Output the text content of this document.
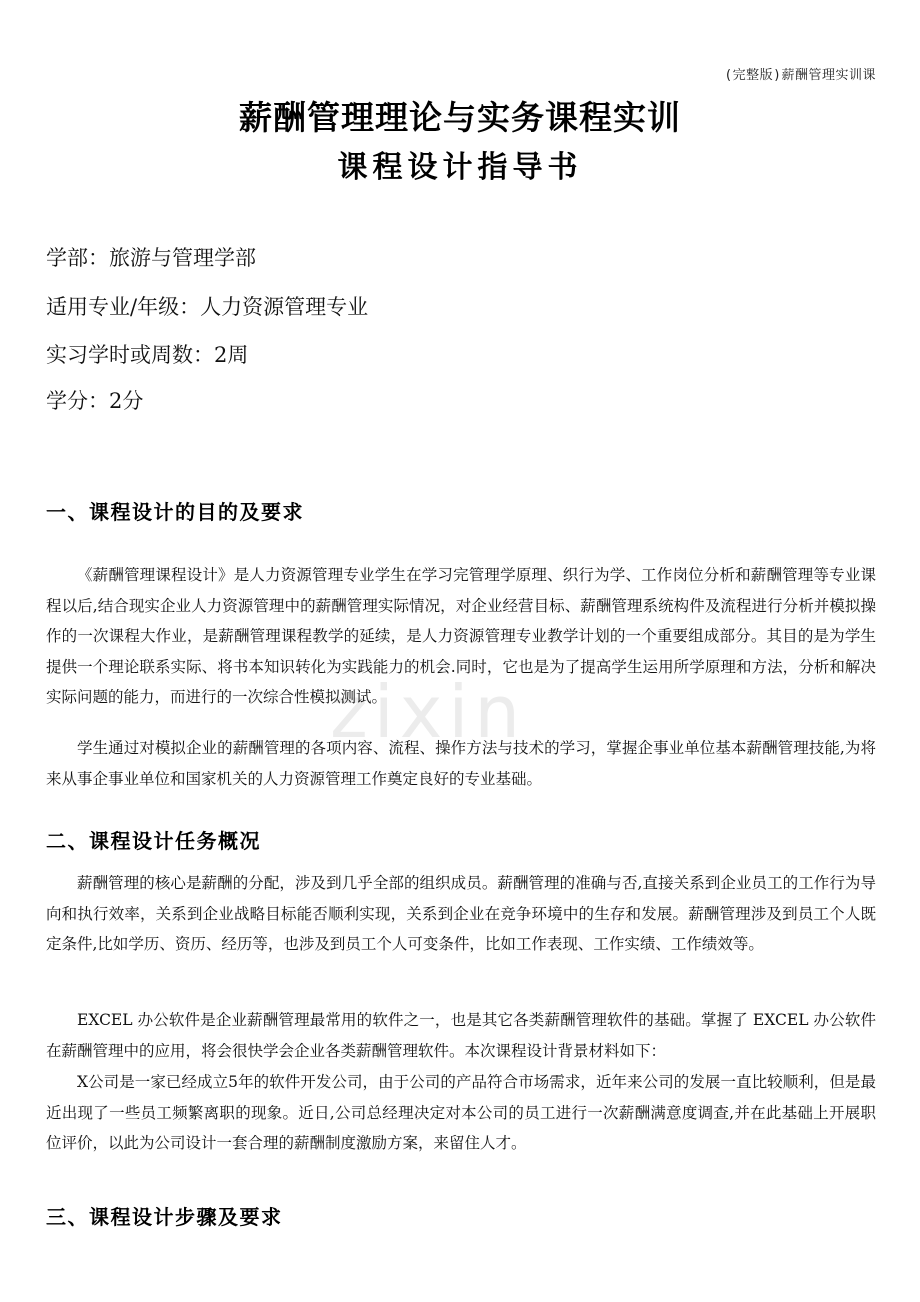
zixin
(完整版)薪酬管理实训课
薪酬管理理论与实务课程实训
课程设计指导书
学部：旅游与管理学部
适用专业/年级：人力资源管理专业
实习学时或周数：2周
学分：2分
一、课程设计的目的及要求
《薪酬管理课程设计》是人力资源管理专业学生在学习完管理学原理、织行为学、工作岗位分析和薪酬管理等专业课程以后,结合现实企业人力资源管理中的薪酬管理实际情况，对企业经营目标、薪酬管理系统构件及流程进行分析并模拟操作的一次课程大作业，是薪酬管理课程教学的延续，是人力资源管理专业教学计划的一个重要组成部分。其目的是为学生提供一个理论联系实际、将书本知识转化为实践能力的机会.同时，它也是为了提高学生运用所学原理和方法，分析和解决实际问题的能力，而进行的一次综合性模拟测试。
学生通过对模拟企业的薪酬管理的各项内容、流程、操作方法与技术的学习，掌握企事业单位基本薪酬管理技能,为将来从事企事业单位和国家机关的人力资源管理工作奠定良好的专业基础。
二、课程设计任务概况
薪酬管理的核心是薪酬的分配，涉及到几乎全部的组织成员。薪酬管理的准确与否,直接关系到企业员工的工作行为导向和执行效率，关系到企业战略目标能否顺利实现，关系到企业在竞争环境中的生存和发展。薪酬管理涉及到员工个人既定条件,比如学历、资历、经历等，也涉及到员工个人可变条件，比如工作表现、工作实绩、工作绩效等。
EXCEL 办公软件是企业薪酬管理最常用的软件之一，也是其它各类薪酬管理软件的基础。掌握了 EXCEL 办公软件在薪酬管理中的应用，将会很快学会企业各类薪酬管理软件。本次课程设计背景材料如下：
X公司是一家已经成立5年的软件开发公司，由于公司的产品符合市场需求，近年来公司的发展一直比较顺利，但是最近出现了一些员工频繁离职的现象。近日,公司总经理决定对本公司的员工进行一次薪酬满意度调查,并在此基础上开展职位评价，以此为公司设计一套合理的薪酬制度激励方案，来留住人才。
三、课程设计步骤及要求
